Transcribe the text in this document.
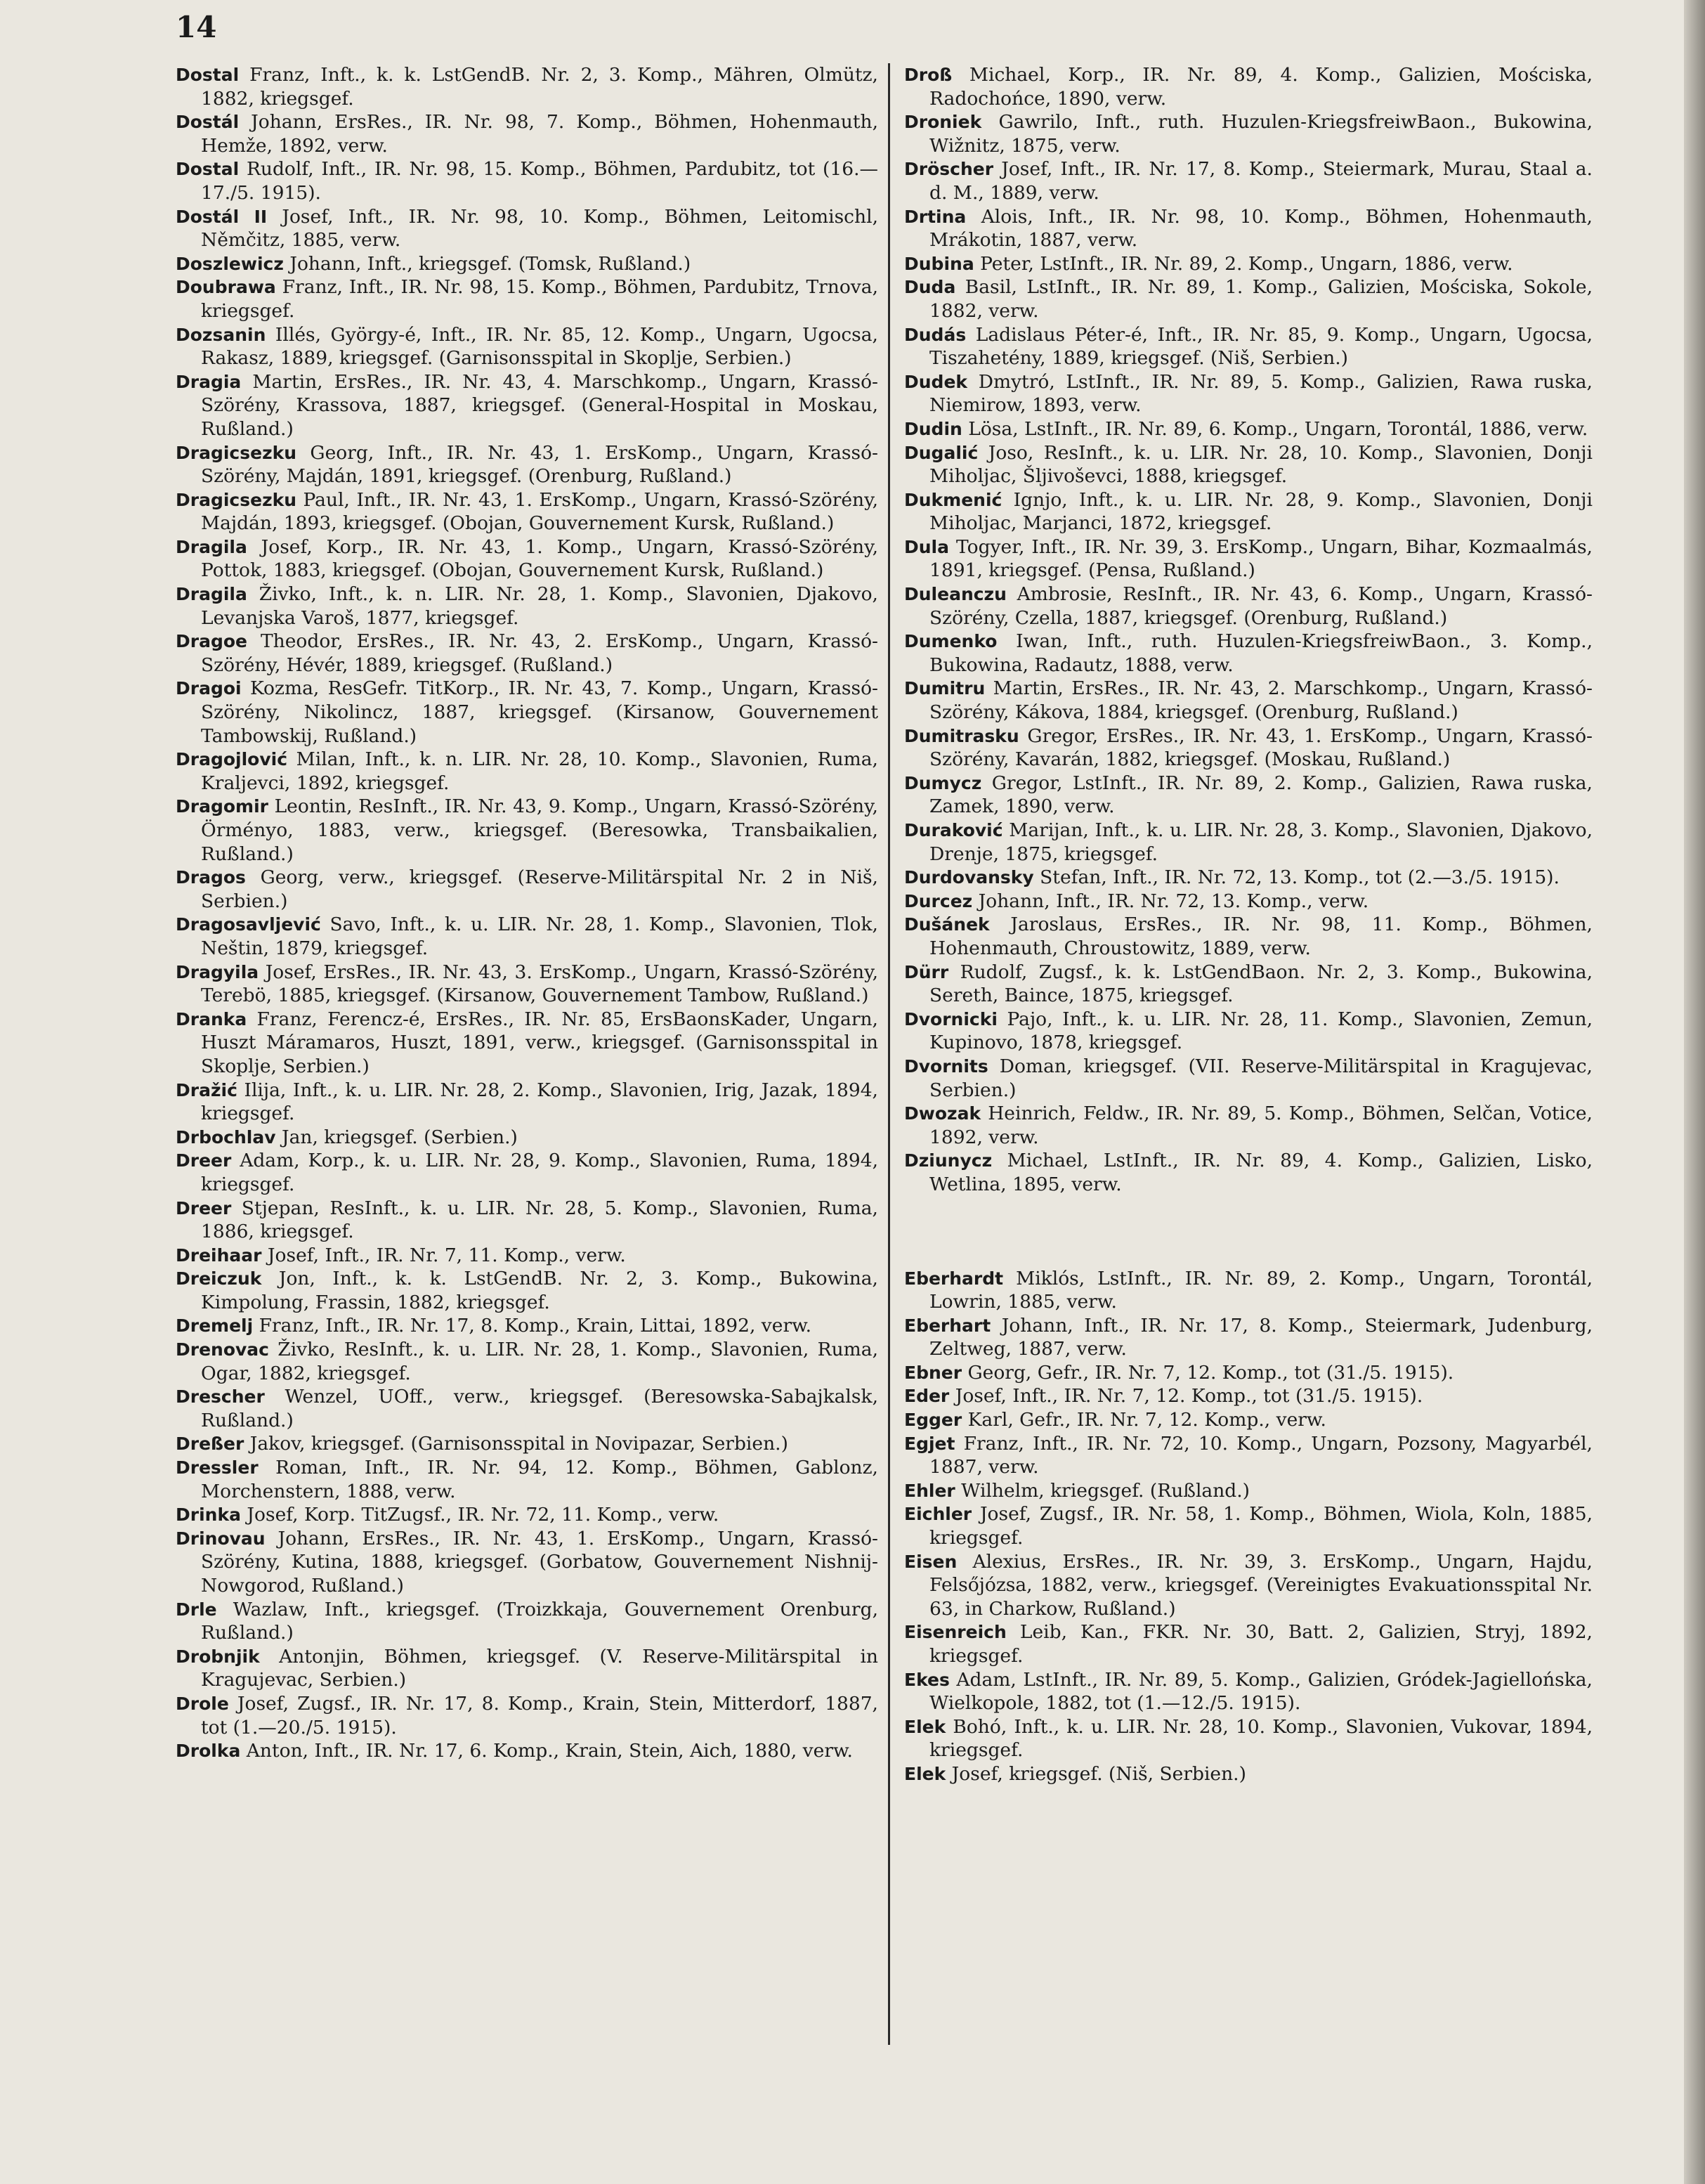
14
Dostal Franz, Inft., k. k. LstGendB. Nr. 2, 3. Komp., Mähren, Olmütz, 1882, kriegsgef.
Dostál Johann, ErsRes., IR. Nr. 98, 7. Komp., Böhmen, Hohenmauth, Hemže, 1892, verw.
Dostal Rudolf, Inft., IR. Nr. 98, 15. Komp., Böhmen, Pardubitz, tot (16.—17./5. 1915).
Dostál II Josef, Inft., IR. Nr. 98, 10. Komp., Böhmen, Leitomischl, Němčitz, 1885, verw.
Doszlewicz Johann, Inft., kriegsgef. (Tomsk, Rußland.)
Doubrawa Franz, Inft., IR. Nr. 98, 15. Komp., Böhmen, Pardubitz, Trnova, kriegsgef.
Dozsanin Illés, György-é, Inft., IR. Nr. 85, 12. Komp., Ungarn, Ugocsa, Rakasz, 1889, kriegsgef. (Garnisonsspital in Skoplje, Serbien.)
Dragia Martin, ErsRes., IR. Nr. 43, 4. Marschkomp., Ungarn, Krassó-Szörény, Krassova, 1887, kriegsgef. (General-Hospital in Moskau, Rußland.)
Dragicsezku Georg, Inft., IR. Nr. 43, 1. ErsKomp., Ungarn, Krassó-Szörény, Majdán, 1891, kriegsgef. (Orenburg, Rußland.)
Dragicsezku Paul, Inft., IR. Nr. 43, 1. ErsKomp., Ungarn, Krassó-Szörény, Majdán, 1893, kriegsgef. (Obojan, Gouvernement Kursk, Rußland.)
Dragila Josef, Korp., IR. Nr. 43, 1. Komp., Ungarn, Krassó-Szörény, Pottok, 1883, kriegsgef. (Obojan, Gouvernement Kursk, Rußland.)
Dragila Živko, Inft., k. n. LIR. Nr. 28, 1. Komp., Slavonien, Djakovo, Levanjska Varoš, 1877, kriegsgef.
Dragoe Theodor, ErsRes., IR. Nr. 43, 2. ErsKomp., Ungarn, Krassó-Szörény, Hévér, 1889, kriegsgef. (Rußland.)
Dragoi Kozma, ResGefr. TitKorp., IR. Nr. 43, 7. Komp., Ungarn, Krassó-Szörény, Nikolincz, 1887, kriegsgef. (Kirsanow, Gouvernement Tambowskij, Rußland.)
Dragojlović Milan, Inft., k. n. LIR. Nr. 28, 10. Komp., Slavonien, Ruma, Kraljevci, 1892, kriegsgef.
Dragomir Leontin, ResInft., IR. Nr. 43, 9. Komp., Ungarn, Krassó-Szörény, Örményo, 1883, verw., kriegsgef. (Beresowka, Transbaikalien, Rußland.)
Dragos Georg, verw., kriegsgef. (Reserve-Militärspital Nr. 2 in Niš, Serbien.)
Dragosavljević Savo, Inft., k. u. LIR. Nr. 28, 1. Komp., Slavonien, Tlok, Neštin, 1879, kriegsgef.
Dragyila Josef, ErsRes., IR. Nr. 43, 3. ErsKomp., Ungarn, Krassó-Szörény, Terebö, 1885, kriegsgef. (Kirsanow, Gouvernement Tambow, Rußland.)
Dranka Franz, Ferencz-é, ErsRes., IR. Nr. 85, ErsBaonsKader, Ungarn, Huszt Máramaros, Huszt, 1891, verw., kriegsgef. (Garnisonsspital in Skoplje, Serbien.)
Dražić Ilija, Inft., k. u. LIR. Nr. 28, 2. Komp., Slavonien, Irig, Jazak, 1894, kriegsgef.
Drbochlav Jan, kriegsgef. (Serbien.)
Dreer Adam, Korp., k. u. LIR. Nr. 28, 9. Komp., Slavonien, Ruma, 1894, kriegsgef.
Dreer Stjepan, ResInft., k. u. LIR. Nr. 28, 5. Komp., Slavonien, Ruma, 1886, kriegsgef.
Dreihaar Josef, Inft., IR. Nr. 7, 11. Komp., verw.
Dreiczuk Jon, Inft., k. k. LstGendB. Nr. 2, 3. Komp., Bukowina, Kimpolung, Frassin, 1882, kriegsgef.
Dremelj Franz, Inft., IR. Nr. 17, 8. Komp., Krain, Littai, 1892, verw.
Drenovac Živko, ResInft., k. u. LIR. Nr. 28, 1. Komp., Slavonien, Ruma, Ogar, 1882, kriegsgef.
Drescher Wenzel, UOff., verw., kriegsgef. (Beresowska-Sabajkalsk, Rußland.)
Dreßer Jakov, kriegsgef. (Garnisonsspital in Novipazar, Serbien.)
Dressler Roman, Inft., IR. Nr. 94, 12. Komp., Böhmen, Gablonz, Morchenstern, 1888, verw.
Drinka Josef, Korp. TitZugsf., IR. Nr. 72, 11. Komp., verw.
Drinovau Johann, ErsRes., IR. Nr. 43, 1. ErsKomp., Ungarn, Krassó-Szörény, Kutina, 1888, kriegsgef. (Gorbatow, Gouvernement Nishnij-Nowgorod, Rußland.)
Drle Wazlaw, Inft., kriegsgef. (Troizkkaja, Gouvernement Orenburg, Rußland.)
Drobnjik Antonjin, Böhmen, kriegsgef. (V. Reserve-Militärspital in Kragujevac, Serbien.)
Drole Josef, Zugsf., IR. Nr. 17, 8. Komp., Krain, Stein, Mitterdorf, 1887, tot (1.—20./5. 1915).
Drolka Anton, Inft., IR. Nr. 17, 6. Komp., Krain, Stein, Aich, 1880, verw.
Droß Michael, Korp., IR. Nr. 89, 4. Komp., Galizien, Mościska, Radochońce, 1890, verw.
Droniek Gawrilo, Inft., ruth. Huzulen-KriegsfreiwBaon., Bukowina, Wižnitz, 1875, verw.
Dröscher Josef, Inft., IR. Nr. 17, 8. Komp., Steiermark, Murau, Staal a. d. M., 1889, verw.
Drtina Alois, Inft., IR. Nr. 98, 10. Komp., Böhmen, Hohenmauth, Mrákotin, 1887, verw.
Dubina Peter, LstInft., IR. Nr. 89, 2. Komp., Ungarn, 1886, verw.
Duda Basil, LstInft., IR. Nr. 89, 1. Komp., Galizien, Mościska, Sokole, 1882, verw.
Dudás Ladislaus Péter-é, Inft., IR. Nr. 85, 9. Komp., Ungarn, Ugocsa, Tiszahetény, 1889, kriegsgef. (Niš, Serbien.)
Dudek Dmytró, LstInft., IR. Nr. 89, 5. Komp., Galizien, Rawa ruska, Niemirow, 1893, verw.
Dudin Lösa, LstInft., IR. Nr. 89, 6. Komp., Ungarn, Torontál, 1886, verw.
Dugalić Joso, ResInft., k. u. LIR. Nr. 28, 10. Komp., Slavonien, Donji Miholjac, Šljivoševci, 1888, kriegsgef.
Dukmenić Ignjo, Inft., k. u. LIR. Nr. 28, 9. Komp., Slavonien, Donji Miholjac, Marjanci, 1872, kriegsgef.
Dula Togyer, Inft., IR. Nr. 39, 3. ErsKomp., Ungarn, Bihar, Kozmaalmás, 1891, kriegsgef. (Pensa, Rußland.)
Duleanczu Ambrosie, ResInft., IR. Nr. 43, 6. Komp., Ungarn, Krassó-Szörény, Czella, 1887, kriegsgef. (Orenburg, Rußland.)
Dumenko Iwan, Inft., ruth. Huzulen-KriegsfreiwBaon., 3. Komp., Bukowina, Radautz, 1888, verw.
Dumitru Martin, ErsRes., IR. Nr. 43, 2. Marschkomp., Ungarn, Krassó-Szörény, Kákova, 1884, kriegsgef. (Orenburg, Rußland.)
Dumitrasku Gregor, ErsRes., IR. Nr. 43, 1. ErsKomp., Ungarn, Krassó-Szörény, Kavarán, 1882, kriegsgef. (Moskau, Rußland.)
Dumycz Gregor, LstInft., IR. Nr. 89, 2. Komp., Galizien, Rawa ruska, Zamek, 1890, verw.
Duraković Marijan, Inft., k. u. LIR. Nr. 28, 3. Komp., Slavonien, Djakovo, Drenje, 1875, kriegsgef.
Durdovansky Stefan, Inft., IR. Nr. 72, 13. Komp., tot (2.—3./5. 1915).
Durcez Johann, Inft., IR. Nr. 72, 13. Komp., verw.
Dušánek Jaroslaus, ErsRes., IR. Nr. 98, 11. Komp., Böhmen, Hohenmauth, Chroustowitz, 1889, verw.
Dürr Rudolf, Zugsf., k. k. LstGendBaon. Nr. 2, 3. Komp., Bukowina, Sereth, Baince, 1875, kriegsgef.
Dvornicki Pajo, Inft., k. u. LIR. Nr. 28, 11. Komp., Slavonien, Zemun, Kupinovo, 1878, kriegsgef.
Dvornits Doman, kriegsgef. (VII. Reserve-Militärspital in Kragujevac, Serbien.)
Dwozak Heinrich, Feldw., IR. Nr. 89, 5. Komp., Böhmen, Selčan, Votice, 1892, verw.
Dziunycz Michael, LstInft., IR. Nr. 89, 4. Komp., Galizien, Lisko, Wetlina, 1895, verw.
Eberhardt Miklós, LstInft., IR. Nr. 89, 2. Komp., Ungarn, Torontál, Lowrin, 1885, verw.
Eberhart Johann, Inft., IR. Nr. 17, 8. Komp., Steiermark, Judenburg, Zeltweg, 1887, verw.
Ebner Georg, Gefr., IR. Nr. 7, 12. Komp., tot (31./5. 1915).
Eder Josef, Inft., IR. Nr. 7, 12. Komp., tot (31./5. 1915).
Egger Karl, Gefr., IR. Nr. 7, 12. Komp., verw.
Egjet Franz, Inft., IR. Nr. 72, 10. Komp., Ungarn, Pozsony, Magyarbél, 1887, verw.
Ehler Wilhelm, kriegsgef. (Rußland.)
Eichler Josef, Zugsf., IR. Nr. 58, 1. Komp., Böhmen, Wiola, Koln, 1885, kriegsgef.
Eisen Alexius, ErsRes., IR. Nr. 39, 3. ErsKomp., Ungarn, Hajdu, Felsőjózsa, 1882, verw., kriegsgef. (Vereinigtes Evakuationsspital Nr. 63, in Charkow, Rußland.)
Eisenreich Leib, Kan., FKR. Nr. 30, Batt. 2, Galizien, Stryj, 1892, kriegsgef.
Ekes Adam, LstInft., IR. Nr. 89, 5. Komp., Galizien, Gródek-Jagiellońska, Wielkopole, 1882, tot (1.—12./5. 1915).
Elek Bohó, Inft., k. u. LIR. Nr. 28, 10. Komp., Slavonien, Vukovar, 1894, kriegsgef.
Elek Josef, kriegsgef. (Niš, Serbien.)
